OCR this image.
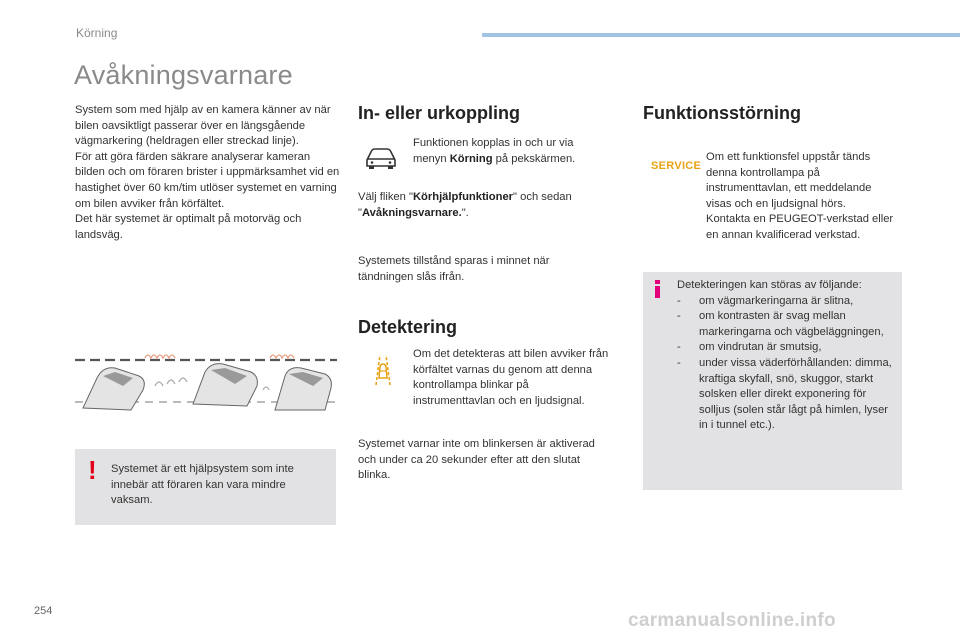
Körning
Avåkningsvarnare
System som med hjälp av en kamera känner av när bilen oavsiktligt passerar över en längsgående vägmarkering (heldragen eller streckad linje).
För att göra färden säkrare analyserar kameran bilden och om föraren brister i uppmärksamhet vid en hastighet över 60 km/tim utlöser systemet en varning om bilen avviker från körfältet.
Det här systemet är optimalt på motorväg och landsväg.
! Systemet är ett hjälpsystem som inte innebär att föraren kan vara mindre vaksam.
In- eller urkoppling
Funktionen kopplas in och ur via menyn Körning på pekskärmen.
Välj fliken "Körhjälpfunktioner" och sedan "Avåkningsvarnare.".
Systemets tillstånd sparas i minnet när tändningen slås ifrån.
Detektering
Om det detekteras att bilen avviker från körfältet varnas du genom att denna kontrollampa blinkar på instrumenttavlan och en ljudsignal.
Systemet varnar inte om blinkersen är aktiverad och under ca 20 sekunder efter att den slutat blinka.
Funktionsstörning
SERVICE
Om ett funktionsfel uppstår tänds denna kontrollampa på instrumenttavlan, ett meddelande visas och en ljudsignal hörs.
Kontakta en PEUGEOT-verkstad eller en annan kvalificerad verkstad.
Detekteringen kan störas av följande:
-	om vägmarkeringarna är slitna,
-	om kontrasten är svag mellan markeringarna och vägbeläggningen,
-	om vindrutan är smutsig,
-	under vissa väderförhållanden: dimma, kraftiga skyfall, snö, skuggor, starkt solsken eller direkt exponering för solljus (solen står lågt på himlen, lyser in i tunnel etc.).
254	carmanualsonline.info
